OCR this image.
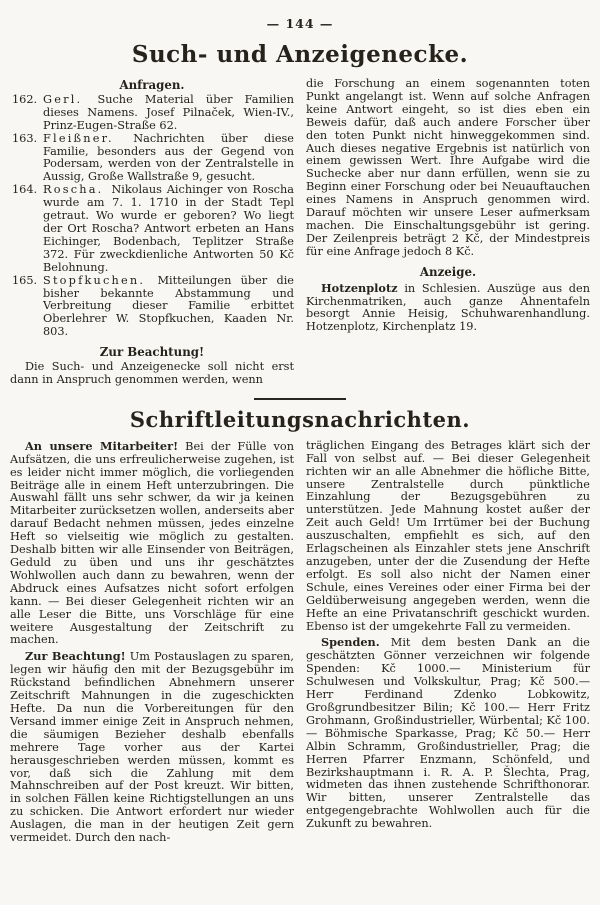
— 144 —
Such- und Anzeigenecke.
Anfragen.
162. Gerl. Suche Material über Familien dieses Namens. Josef Pilnaček, Wien-IV., Prinz-Eugen-Straße 62.
163. Fleißner. Nachrichten über diese Familie, besonders aus der Gegend von Podersam, werden von der Zentralstelle in Aussig, Große Wallstraße 9, gesucht.
164. Roscha. Nikolaus Aichinger von Roscha wurde am 7. 1. 1710 in der Stadt Tepl getraut. Wo wurde er geboren? Wo liegt der Ort Roscha? Antwort erbeten an Hans Eichinger, Bodenbach, Teplitzer Straße 372. Für zweckdienliche Antworten 50 Kč Belohnung.
165. Stopfkuchen. Mitteilungen über die bisher bekannte Abstammung und Verbreitung dieser Familie erbittet Oberlehrer W. Stopfkuchen, Kaaden Nr. 803.
Zur Beachtung!

Die Such- und Anzeigenecke soll nicht erst dann in Anspruch genommen werden, wenn

die Forschung an einem sogenannten toten Punkt angelangt ist. Wenn auf solche Anfragen keine Antwort eingeht, so ist dies eben ein Beweis dafür, daß auch andere Forscher über den toten Punkt nicht hinweggekommen sind. Auch dieses negative Ergebnis ist natürlich von einem gewissen Wert. Ihre Aufgabe wird die Suchecke aber nur dann erfüllen, wenn sie zu Beginn einer Forschung oder bei Neuauftauchen eines Namens in Anspruch genommen wird. Darauf möchten wir unsere Leser aufmerksam machen. Die Einschaltungsgebühr ist gering. Der Zeilenpreis beträgt 2 Kč, der Mindestpreis für eine Anfrage jedoch 8 Kč.

Anzeige.

Hotzenplotz in Schlesien. Auszüge aus den Kirchenmatriken, auch ganze Ahnentafeln besorgt Annie Heisig, Schuhwarenhandlung. Hotzenplotz, Kirchenplatz 19.

Schriftleitungsnachrichten.

An unsere Mitarbeiter! Bei der Fülle von Aufsätzen, die uns erfreulicherweise zugehen, ist es leider nicht immer möglich, die vorliegenden Beiträge alle in einem Heft unterzubringen. Die Auswahl fällt uns sehr schwer, da wir ja keinen Mitarbeiter zurücksetzen wollen, anderseits aber darauf Bedacht nehmen müssen, jedes einzelne Heft so vielseitig wie möglich zu gestalten. Deshalb bitten wir alle Einsender von Beiträgen, Geduld zu üben und uns ihr geschätztes Wohlwollen auch dann zu bewahren, wenn der Abdruck eines Aufsatzes nicht sofort erfolgen kann. — Bei dieser Gelegenheit richten wir an alle Leser die Bitte, uns Vorschläge für eine weitere Ausgestaltung der Zeitschrift zu machen.

Zur Beachtung! Um Postauslagen zu sparen, legen wir häufig den mit der Bezugsgebühr im Rückstand befindlichen Abnehmern unserer Zeitschrift Mahnungen in die zugeschickten Hefte. Da nun die Vorbereitungen für den Versand immer einige Zeit in Anspruch nehmen, die säumigen Bezieher deshalb ebenfalls mehrere Tage vorher aus der Kartei herausgeschrieben werden müssen, kommt es vor, daß sich die Zahlung mit dem Mahnschreiben auf der Post kreuzt. Wir bitten, in solchen Fällen keine Richtigstellungen an uns zu schicken. Die Antwort erfordert nur wieder Auslagen, die man in der heutigen Zeit gern vermeidet. Durch den nach-

träglichen Eingang des Betrages klärt sich der Fall von selbst auf. — Bei dieser Gelegenheit richten wir an alle Abnehmer die höfliche Bitte, unsere Zentralstelle durch pünktliche Einzahlung der Bezugsgebühren zu unterstützen. Jede Mahnung kostet außer der Zeit auch Geld! Um Irrtümer bei der Buchung auszuschalten, empfiehlt es sich, auf den Erlagscheinen als Einzahler stets jene Anschrift anzugeben, unter der die Zusendung der Hefte erfolgt. Es soll also nicht der Namen einer Schule, eines Vereines oder einer Firma bei der Geldüberweisung angegeben werden, wenn die Hefte an eine Privatanschrift geschickt wurden. Ebenso ist der umgekehrte Fall zu vermeiden.

Spenden. Mit dem besten Dank an die geschätzten Gönner verzeichnen wir folgende Spenden: Kč 1000.— Ministerium für Schulwesen und Volkskultur, Prag; Kč 500.— Herr Ferdinand Zdenko Lobkowitz, Großgrundbesitzer Bilin; Kč 100.— Herr Fritz Grohmann, Großindustrieller, Würbental; Kč 100.— Böhmische Sparkasse, Prag; Kč 50.— Herr Albin Schramm, Großindustrieller, Prag; die Herren Pfarrer Enzmann, Schönfeld, und Bezirkshauptmann i. R. A. P. Šlechta, Prag, widmeten das ihnen zustehende Schrifthonorar. Wir bitten, unserer Zentralstelle das entgegengebrachte Wohlwollen auch für die Zukunft zu bewahren.
